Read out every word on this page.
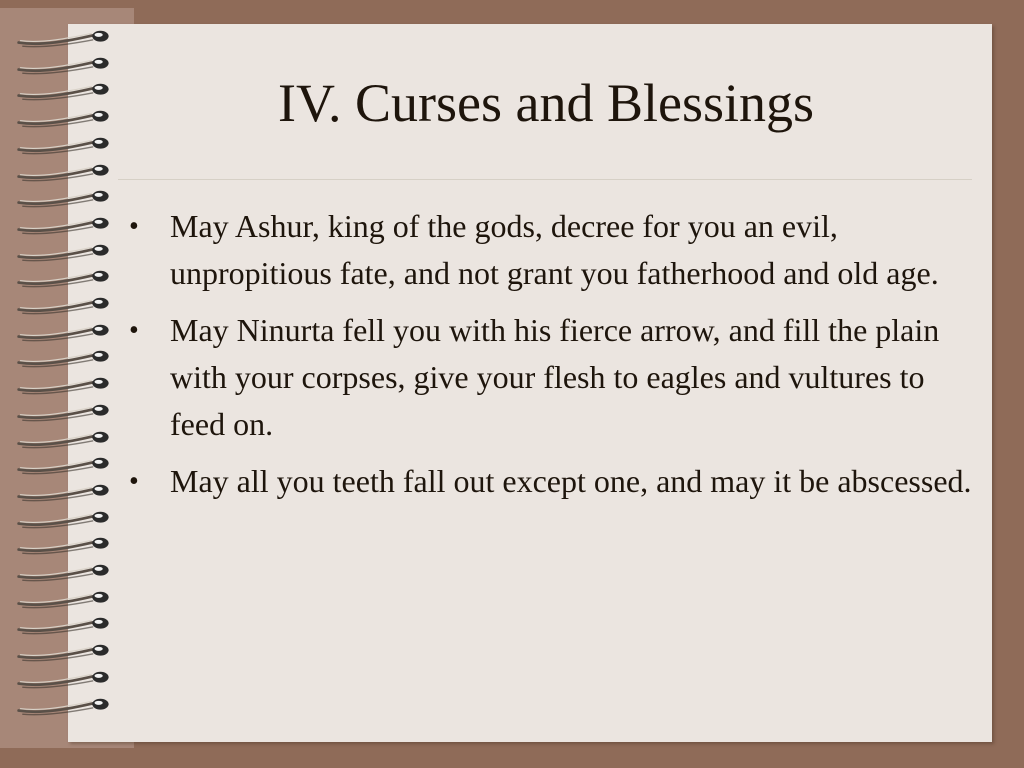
IV. Curses and Blessings
• May Ashur, king of the gods, decree for you an evil, unpropitious fate, and not grant you fatherhood and old age.
• May Ninurta fell you with his fierce arrow, and fill the plain with your corpses, give your flesh to eagles and vultures to feed on.
• May all you teeth fall out except one, and may it be abscessed.
